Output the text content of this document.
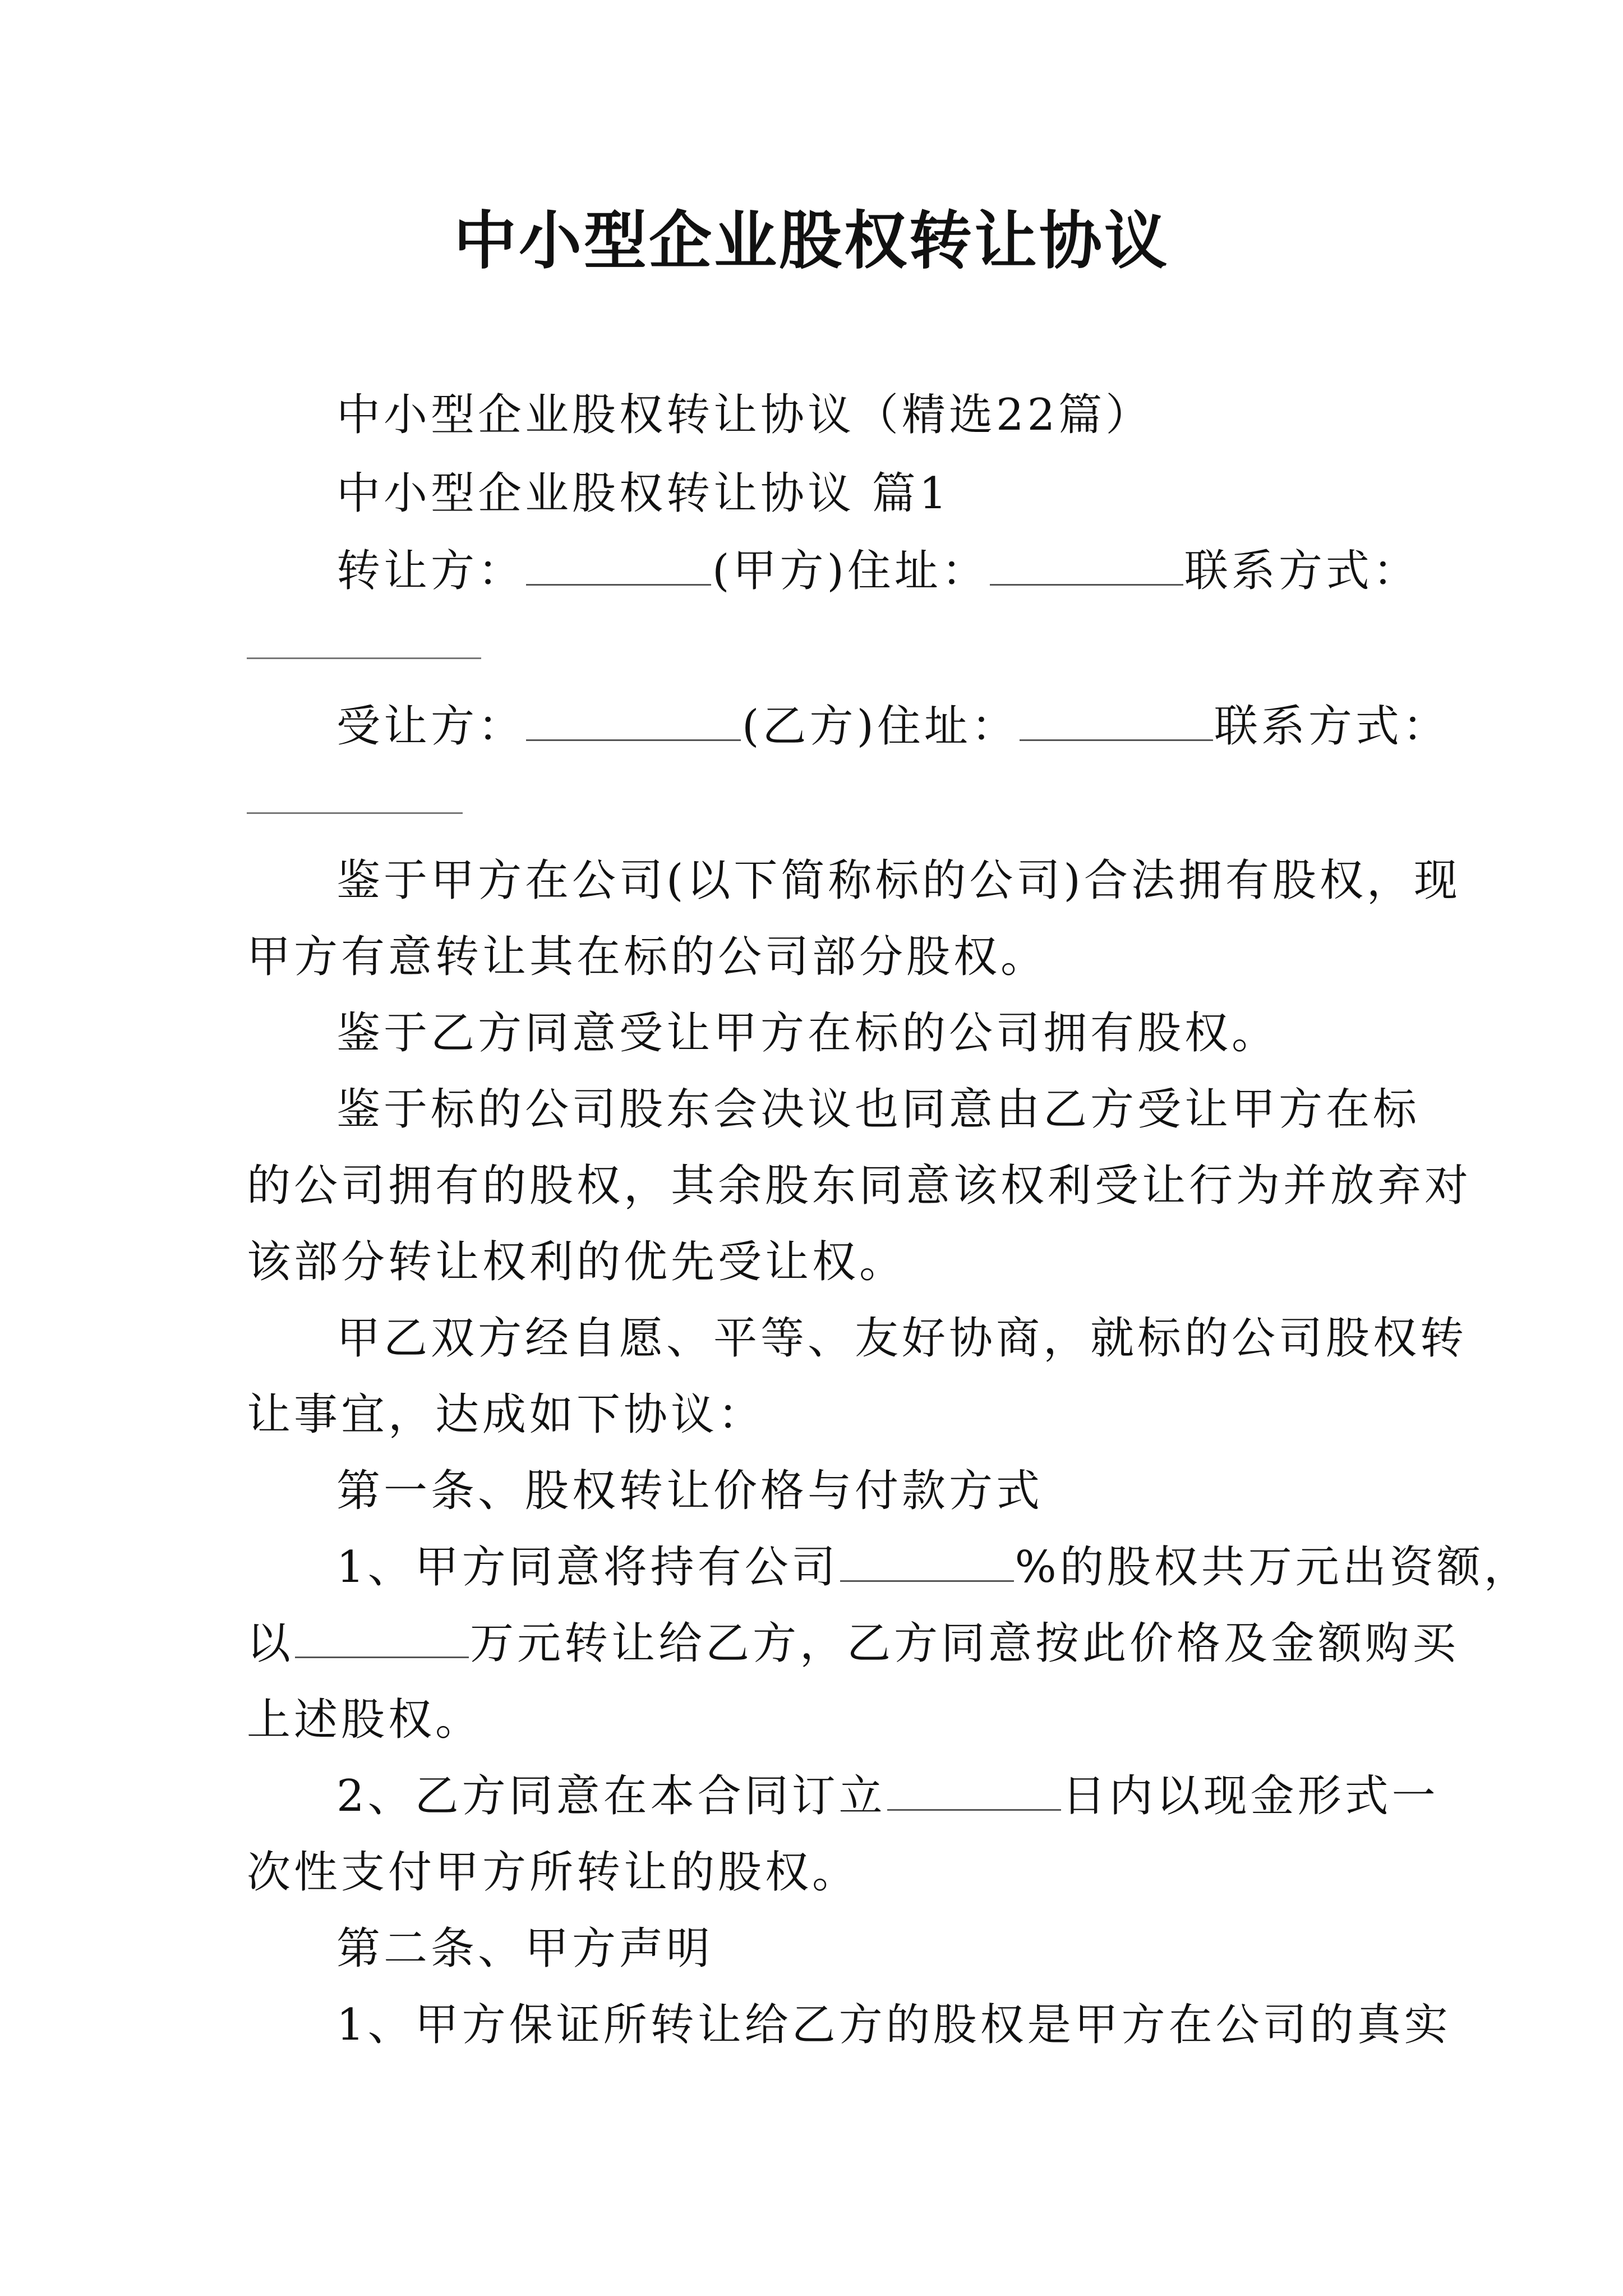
中小型企业股权转让协议
中小型企业股权转让协议（精选22篇）
中小型企业股权转让协议 篇1
转让方：	(甲方)住址：	联系方式：
受让方：	(乙方)住址：	联系方式：
鉴于甲方在公司(以下简称标的公司)合法拥有股权，现
甲方有意转让其在标的公司部分股权。
鉴于乙方同意受让甲方在标的公司拥有股权。
鉴于标的公司股东会决议也同意由乙方受让甲方在标
的公司拥有的股权，其余股东同意该权利受让行为并放弃对
该部分转让权利的优先受让权。
甲乙双方经自愿、平等、友好协商，就标的公司股权转
让事宜，达成如下协议：
第一条、股权转让价格与付款方式
1、甲方同意将持有公司	%的股权共万元出资额，
以	万元转让给乙方，乙方同意按此价格及金额购买
上述股权。
2、乙方同意在本合同订立	日内以现金形式一
次性支付甲方所转让的股权。
第二条、甲方声明
1、甲方保证所转让给乙方的股权是甲方在公司的真实
